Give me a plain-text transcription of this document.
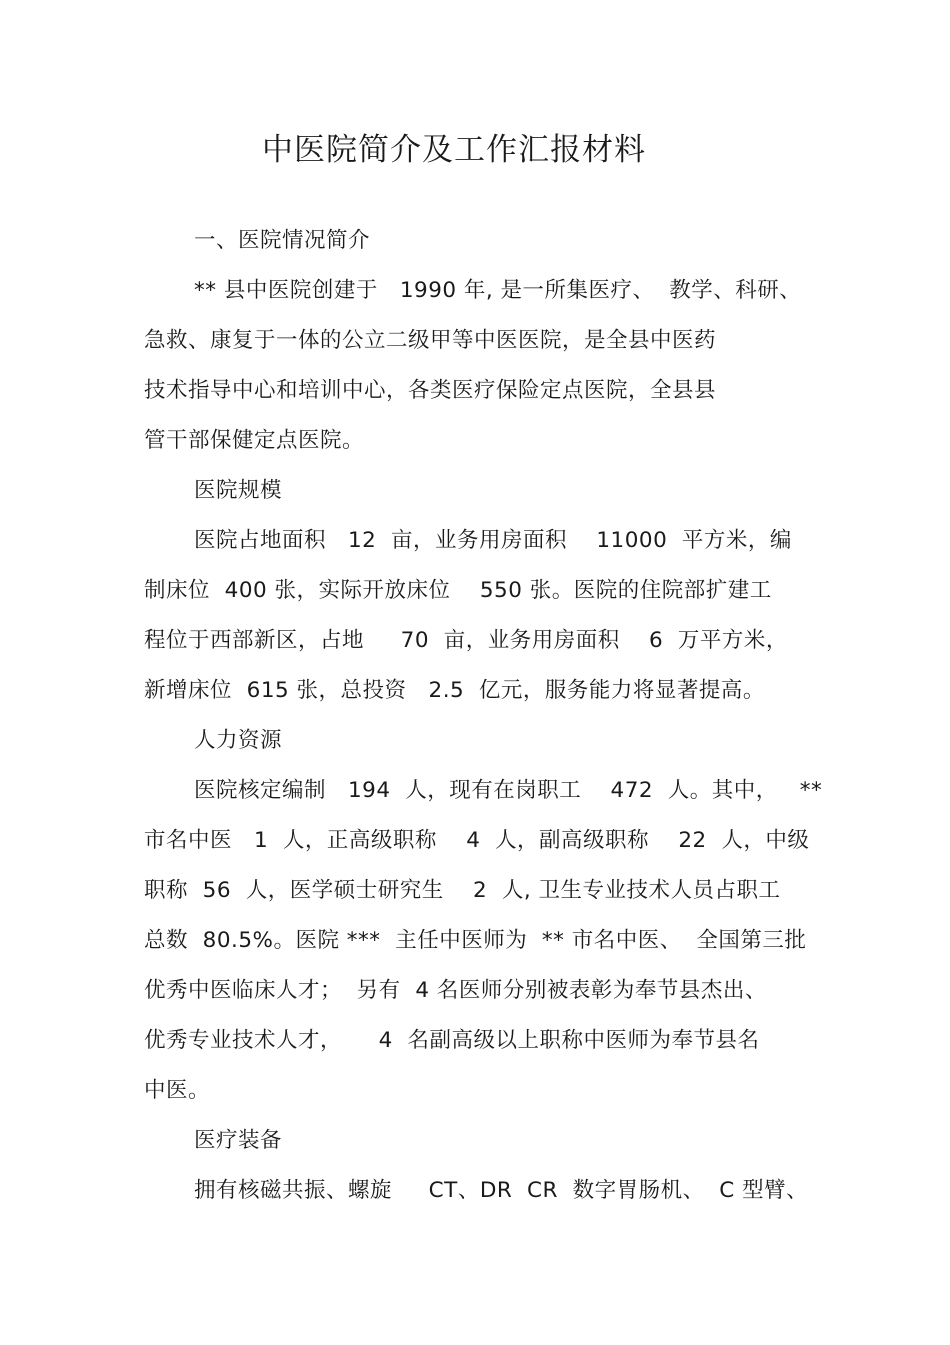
中医院简介及工作汇报材料
一、医院情况简介
** 县中医院创建于   1990 年, 是一所集医疗、  教学、科研、
急救、康复于一体的公立二级甲等中医医院，是全县中医药
技术指导中心和培训中心，各类医疗保险定点医院，全县县
管干部保健定点医院。
医院规模
医院占地面积   12  亩，业务用房面积    11000  平方米，编
制床位  400 张，实际开放床位    550 张。医院的住院部扩建工
程位于西部新区，占地     70  亩，业务用房面积    6  万平方米，
新增床位  615 张，总投资   2.5  亿元，服务能力将显著提高。
人力资源
医院核定编制   194  人，现有在岗职工    472  人。其中，   **
市名中医   1  人，正高级职称    4  人，副高级职称    22  人，中级
职称  56  人，医学硕士研究生    2  人, 卫生专业技术人员占职工
总数  80.5%。医院 ***  主任中医师为  ** 市名中医、  全国第三批
优秀中医临床人才；  另有  4 名医师分别被表彰为奉节县杰出、
优秀专业技术人才，     4  名副高级以上职称中医师为奉节县名
中医。
医疗装备
拥有核磁共振、螺旋     CT、DR  CR  数字胃肠机、  C 型臂、
